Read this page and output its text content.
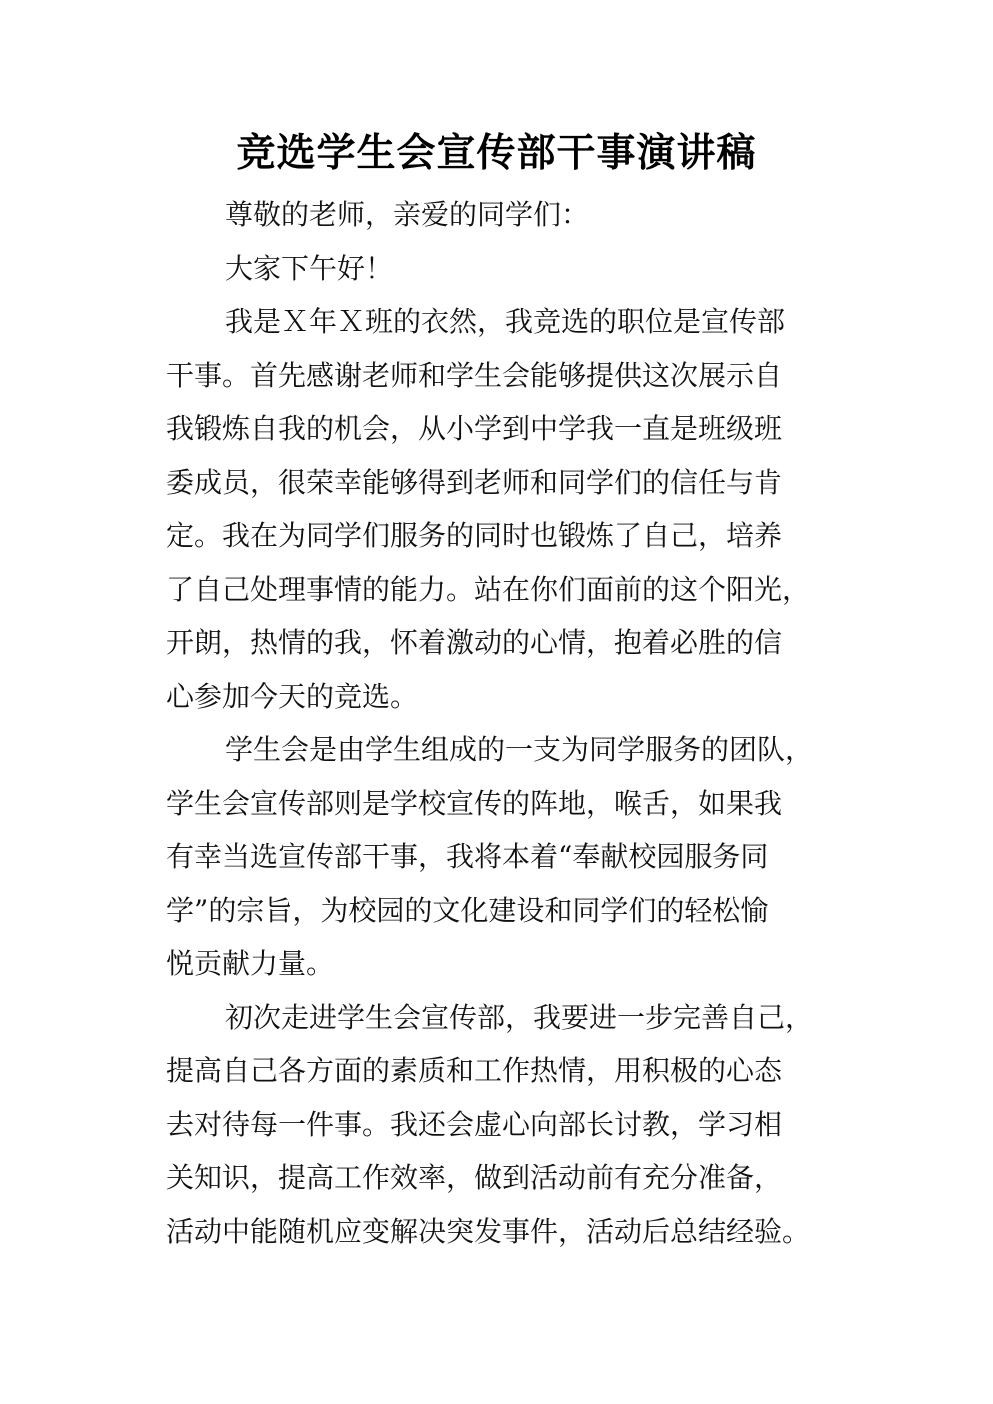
竞选学生会宣传部干事演讲稿
尊敬的老师，亲爱的同学们：
大家下午好！
我是Ｘ年Ｘ班的衣然，我竞选的职位是宣传部
干事。首先感谢老师和学生会能够提供这次展示自
我锻炼自我的机会，从小学到中学我一直是班级班
委成员，很荣幸能够得到老师和同学们的信任与肯
定。我在为同学们服务的同时也锻炼了自己，培养
了自己处理事情的能力。站在你们面前的这个阳光，
开朗，热情的我，怀着激动的心情，抱着必胜的信
心参加今天的竞选。
学生会是由学生组成的一支为同学服务的团队，
学生会宣传部则是学校宣传的阵地，喉舌，如果我
有幸当选宣传部干事，我将本着“奉献校园服务同
学”的宗旨，为校园的文化建设和同学们的轻松愉
悦贡献力量。
初次走进学生会宣传部，我要进一步完善自己，
提高自己各方面的素质和工作热情，用积极的心态
去对待每一件事。我还会虚心向部长讨教，学习相
关知识，提高工作效率，做到活动前有充分准备，
活动中能随机应变解决突发事件，活动后总结经验。
